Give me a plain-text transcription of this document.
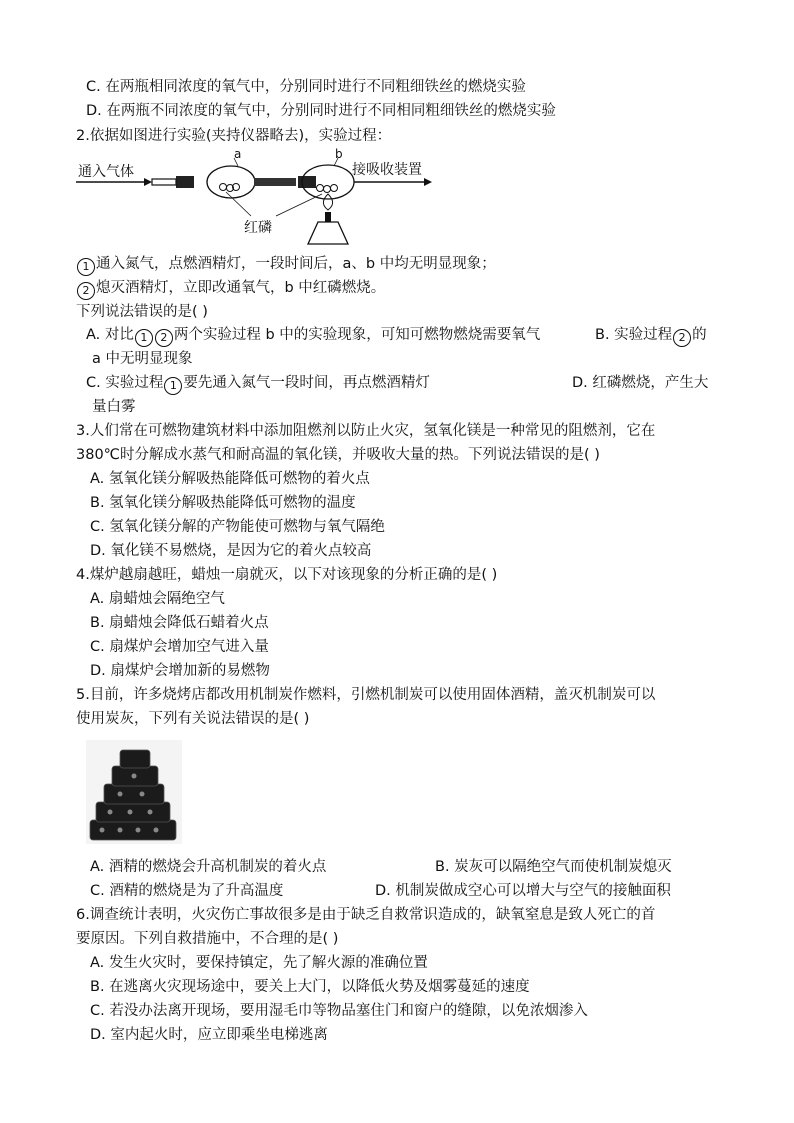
C. 在两瓶相同浓度的氧气中，分别同时进行不同粗细铁丝的燃烧实验
D. 在两瓶不同浓度的氧气中，分别同时进行不同相同粗细铁丝的燃烧实验
2.依据如图进行实验(夹持仪器略去)，实验过程：
通入气体
a	b
接吸收装置
红磷
1 通入氮气，点燃酒精灯，一段时间后，a、b 中均无明显现象；
2 熄灭酒精灯，立即改通氧气，b 中红磷燃烧。
下列说法错误的是( )
A. 对比 1 2 两个实验过程 b 中的实验现象，可知可燃物燃烧需要氧气	B. 实验过程 2 的
a 中无明显现象
C. 实验过程 1 要先通入氮气一段时间，再点燃酒精灯	D. 红磷燃烧，产生大
量白雾
3.人们常在可燃物建筑材料中添加阻燃剂以防止火灾，氢氧化镁是一种常见的阻燃剂，它在
380℃时分解成水蒸气和耐高温的氧化镁，并吸收大量的热。下列说法错误的是( )
A. 氢氧化镁分解吸热能降低可燃物的着火点
B. 氢氧化镁分解吸热能降低可燃物的温度
C. 氢氧化镁分解的产物能使可燃物与氧气隔绝
D. 氧化镁不易燃烧，是因为它的着火点较高
4.煤炉越扇越旺，蜡烛一扇就灭，以下对该现象的分析正确的是( )
A. 扇蜡烛会隔绝空气
B. 扇蜡烛会降低石蜡着火点
C. 扇煤炉会增加空气进入量
D. 扇煤炉会增加新的易燃物
5.目前，许多烧烤店都改用机制炭作燃料，引燃机制炭可以使用固体酒精，盖灭机制炭可以
使用炭灰，下列有关说法错误的是( )
A. 酒精的燃烧会升高机制炭的着火点	B. 炭灰可以隔绝空气而使机制炭熄灭
C. 酒精的燃烧是为了升高温度	D. 机制炭做成空心可以增大与空气的接触面积
6.调查统计表明，火灾伤亡事故很多是由于缺乏自救常识造成的，缺氧窒息是致人死亡的首
要原因。下列自救措施中，不合理的是( )
A. 发生火灾时，要保持镇定，先了解火源的准确位置
B. 在逃离火灾现场途中，要关上大门，以降低火势及烟雾蔓延的速度
C. 若没办法离开现场，要用湿毛巾等物品塞住门和窗户的缝隙，以免浓烟渗入
D. 室内起火时，应立即乘坐电梯逃离
